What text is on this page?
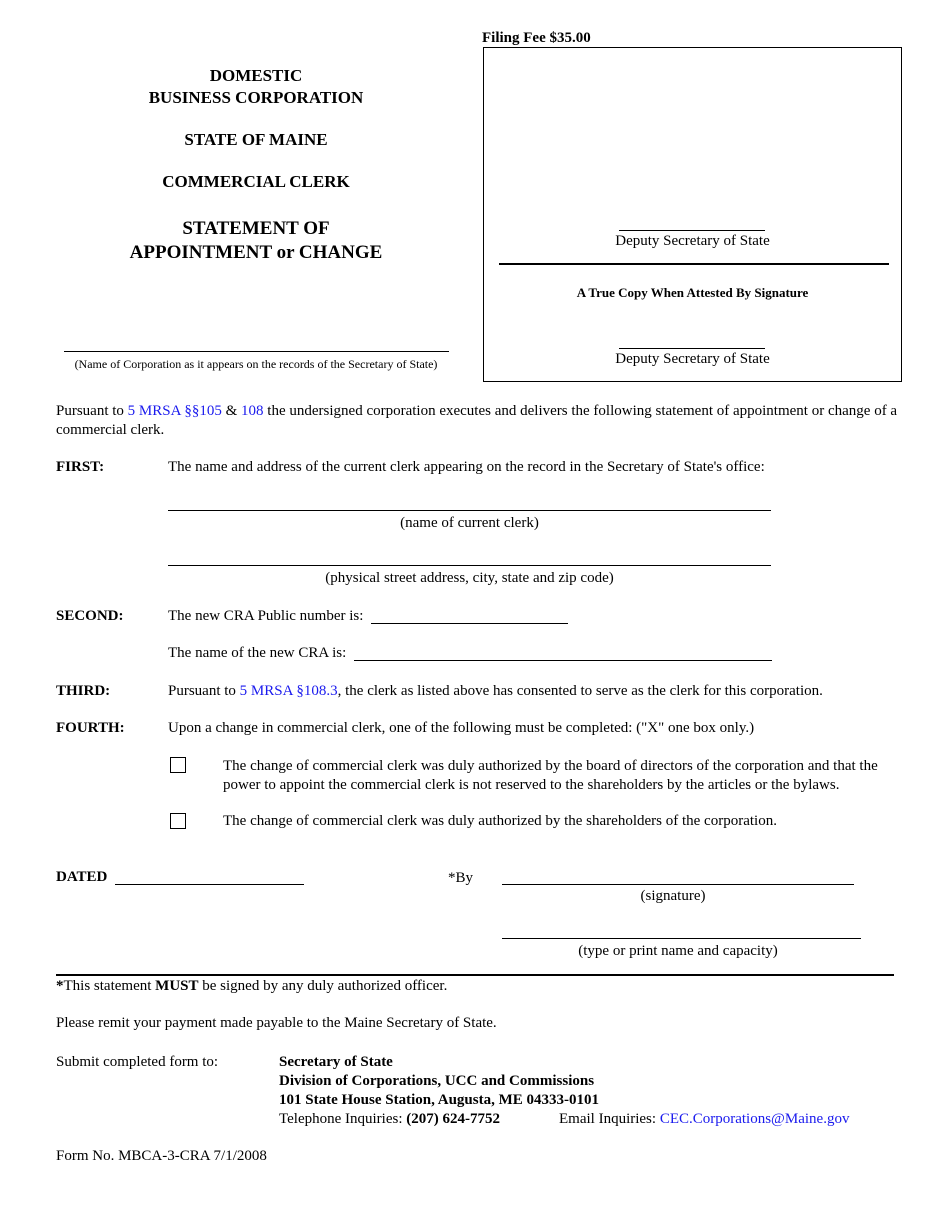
Filing Fee $35.00
DOMESTIC
BUSINESS CORPORATION
STATE OF MAINE
COMMERCIAL CLERK
STATEMENT OF
APPOINTMENT or CHANGE
(Name of Corporation as it appears on the records of the Secretary of State)
Deputy Secretary of State
A True Copy When Attested By Signature
Deputy Secretary of State
Pursuant to 5 MRSA §§105 & 108 the undersigned corporation executes and delivers the following statement of appointment or change of a commercial clerk.
FIRST:	The name and address of the current clerk appearing on the record in the Secretary of State's office:
(name of current clerk)
(physical street address, city, state and zip code)
SECOND:	The new CRA Public number is:
The name of the new CRA is:
THIRD:	Pursuant to 5 MRSA §108.3, the clerk as listed above has consented to serve as the clerk for this corporation.
FOURTH:	Upon a change in commercial clerk, one of the following must be completed: ("X" one box only.)
The change of commercial clerk was duly authorized by the board of directors of the corporation and that the
power to appoint the commercial clerk is not reserved to the shareholders by the articles or the bylaws.
The change of commercial clerk was duly authorized by the shareholders of the corporation.
DATED	*By
(signature)
(type or print name and capacity)
*This statement MUST be signed by any duly authorized officer.
Please remit your payment made payable to the Maine Secretary of State.
Submit completed form to:	Secretary of State
Division of Corporations, UCC and Commissions
101 State House Station, Augusta, ME 04333-0101
Telephone Inquiries: (207) 624-7752	Email Inquiries: CEC.Corporations@Maine.gov
Form No. MBCA-3-CRA 7/1/2008
